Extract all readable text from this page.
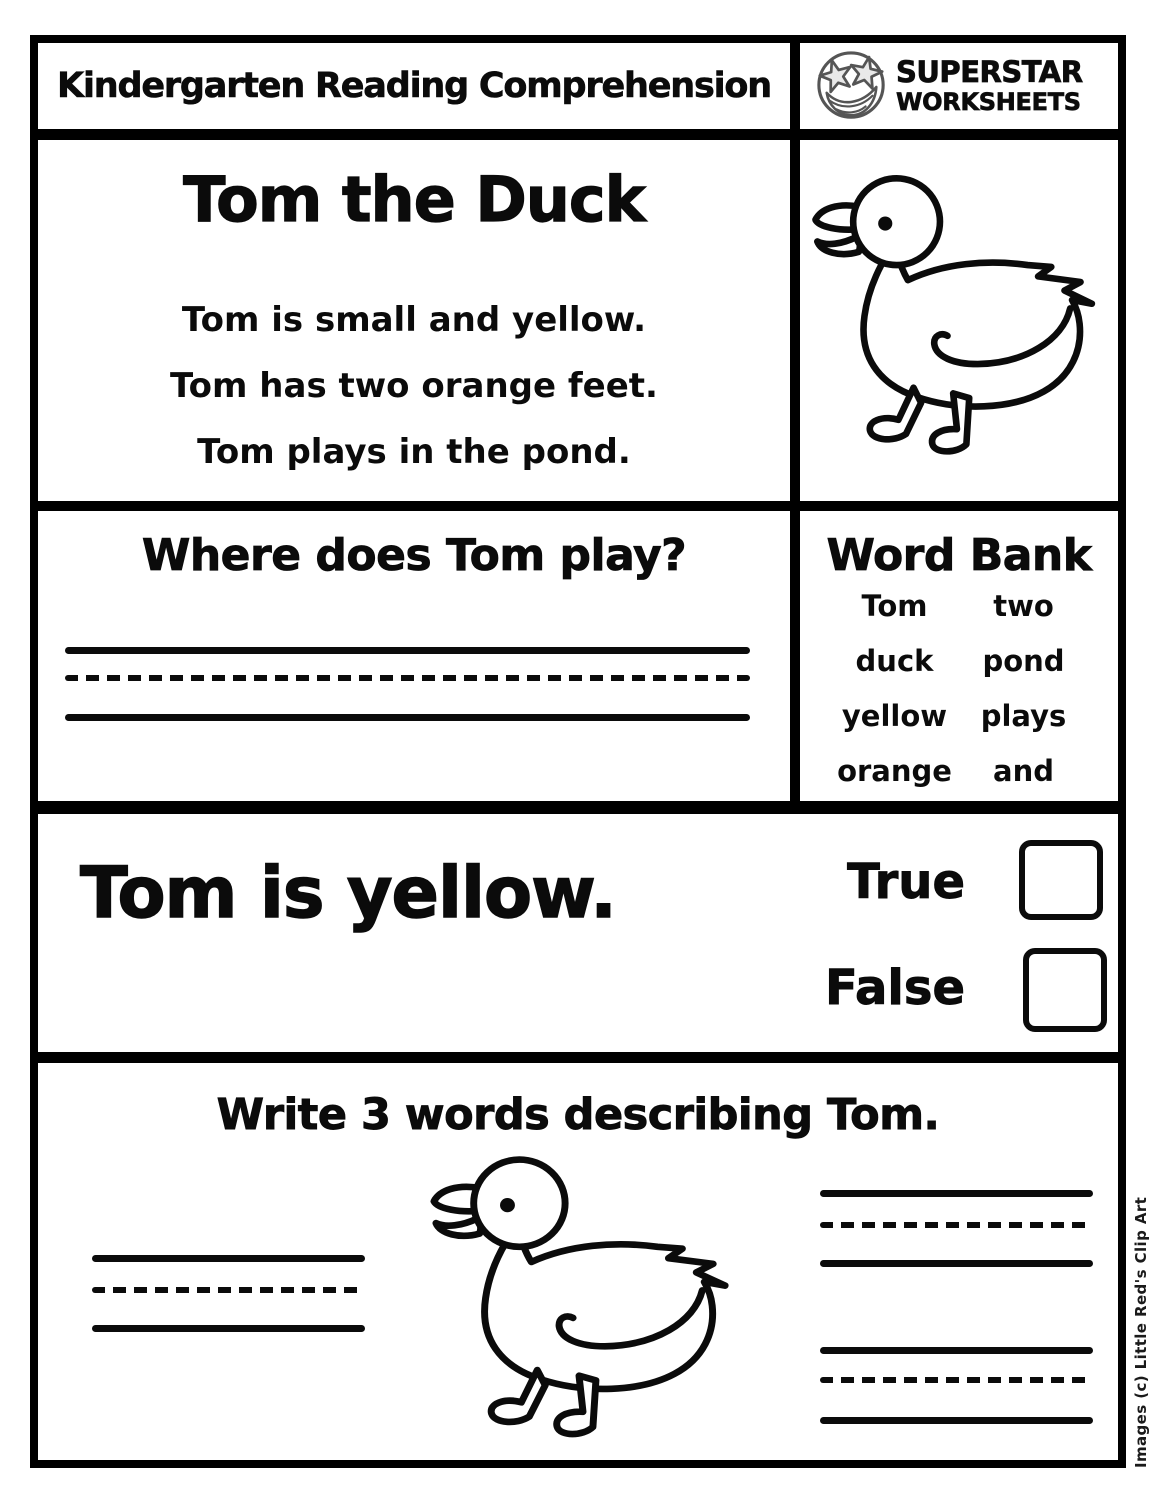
Kindergarten Reading Comprehension	SUPERSTAR
WORKSHEETS
Tom the Duck
Tom is small and yellow.
Tom has two orange feet.
Tom plays in the pond.
Where does Tom play?	Word Bank
Tom	two
duck	pond
yellow	plays
orange	and
Tom is yellow.	True
False
Write 3 words describing Tom.
Images (c) Little Red's Clip Art
